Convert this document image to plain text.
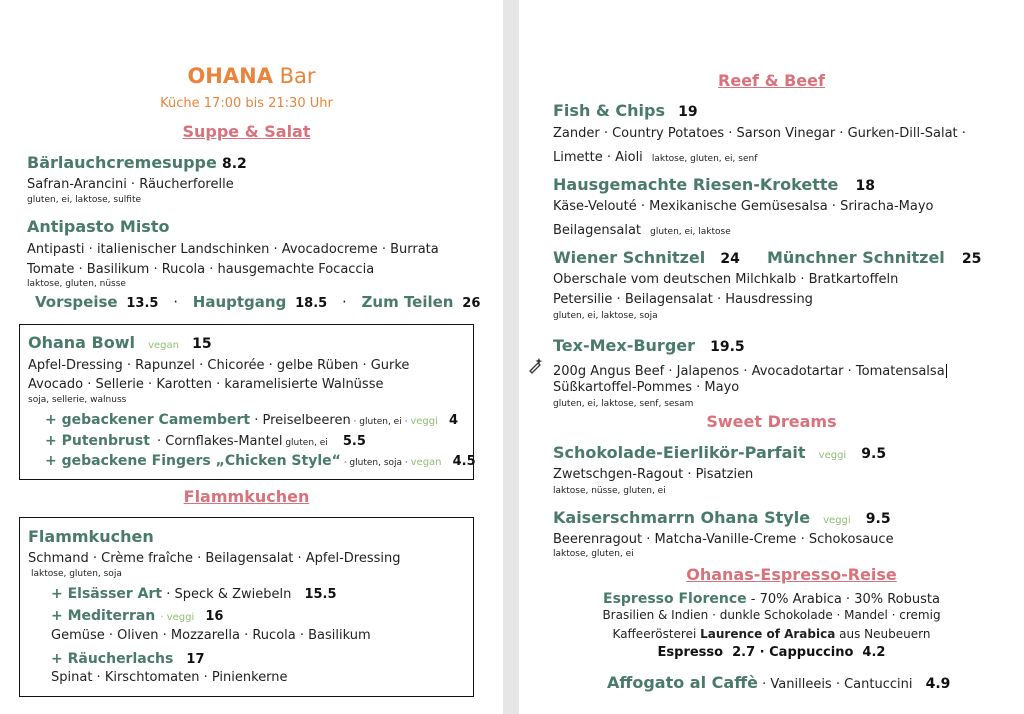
OHANA Bar
Küche 17:00 bis 21:30 Uhr
Suppe & Salat
Bärlauchcremesuppe 8.2
Safran-Arancini · Räucherforelle
gluten, ei, laktose, sulfite
Antipasto Misto
Antipasti · italienischer Landschinken · Avocadocreme · Burrata
Tomate · Basilikum · Rucola · hausgemachte Focaccia
laktose, gluten, nüsse
Vorspeise 13.5 · Hauptgang 18.5 · Zum Teilen 26
Ohana Bowl vegan 15
Apfel-Dressing · Rapunzel · Chicorée · gelbe Rüben · Gurke
Avocado · Sellerie · Karotten · karamelisierte Walnüsse
soja, sellerie, walnuss
+ gebackener Camembert · Preiselbeeren · gluten, ei · veggi 4
+ Putenbrust · Cornflakes-Mantel gluten, ei 5.5
+ gebackene Fingers „Chicken Style“ · gluten, soja · vegan 4.5
Flammkuchen
Flammkuchen
Schmand · Crème fraîche · Beilagensalat · Apfel-Dressing
laktose, gluten, soja
+ Elsässer Art · Speck & Zwiebeln 15.5
+ Mediterran · veggi 16
Gemüse · Oliven · Mozzarella · Rucola · Basilikum
+ Räucherlachs 17
Spinat · Kirschtomaten · Pinienkerne
Reef & Beef
Fish & Chips 19
Zander · Country Potatoes · Sarson Vinegar · Gurken-Dill-Salat ·
Limette · Aioli laktose, gluten, ei, senf
Hausgemachte Riesen-Krokette 18
Käse-Velouté · Mexikanische Gemüsesalsa · Sriracha-Mayo
Beilagensalat gluten, ei, laktose
Wiener Schnitzel 24 Münchner Schnitzel 25
Oberschale vom deutschen Milchkalb · Bratkartoffeln
Petersilie · Beilagensalat · Hausdressing
gluten, ei, laktose, soja
Tex-Mex-Burger 19.5
200g Angus Beef · Jalapenos · Avocadotartar · Tomatensalsa
Süßkartoffel-Pommes · Mayo
gluten, ei, laktose, senf, sesam
Sweet Dreams
Schokolade-Eierlikör-Parfait veggi 9.5
Zwetschgen-Ragout · Pisatzien
laktose, nüsse, gluten, ei
Kaiserschmarrn Ohana Style veggi 9.5
Beerenragout · Matcha-Vanille-Creme · Schokosauce
laktose, gluten, ei
Ohanas-Espresso-Reise
Espresso Florence - 70% Arabica · 30% Robusta
Brasilien & Indien · dunkle Schokolade · Mandel · cremig
Kaffeerösterei Laurence of Arabica aus Neubeuern
Espresso  2.7 · Cappuccino  4.2
Affogato al Caffè · Vanilleeis · Cantuccini 4.9
